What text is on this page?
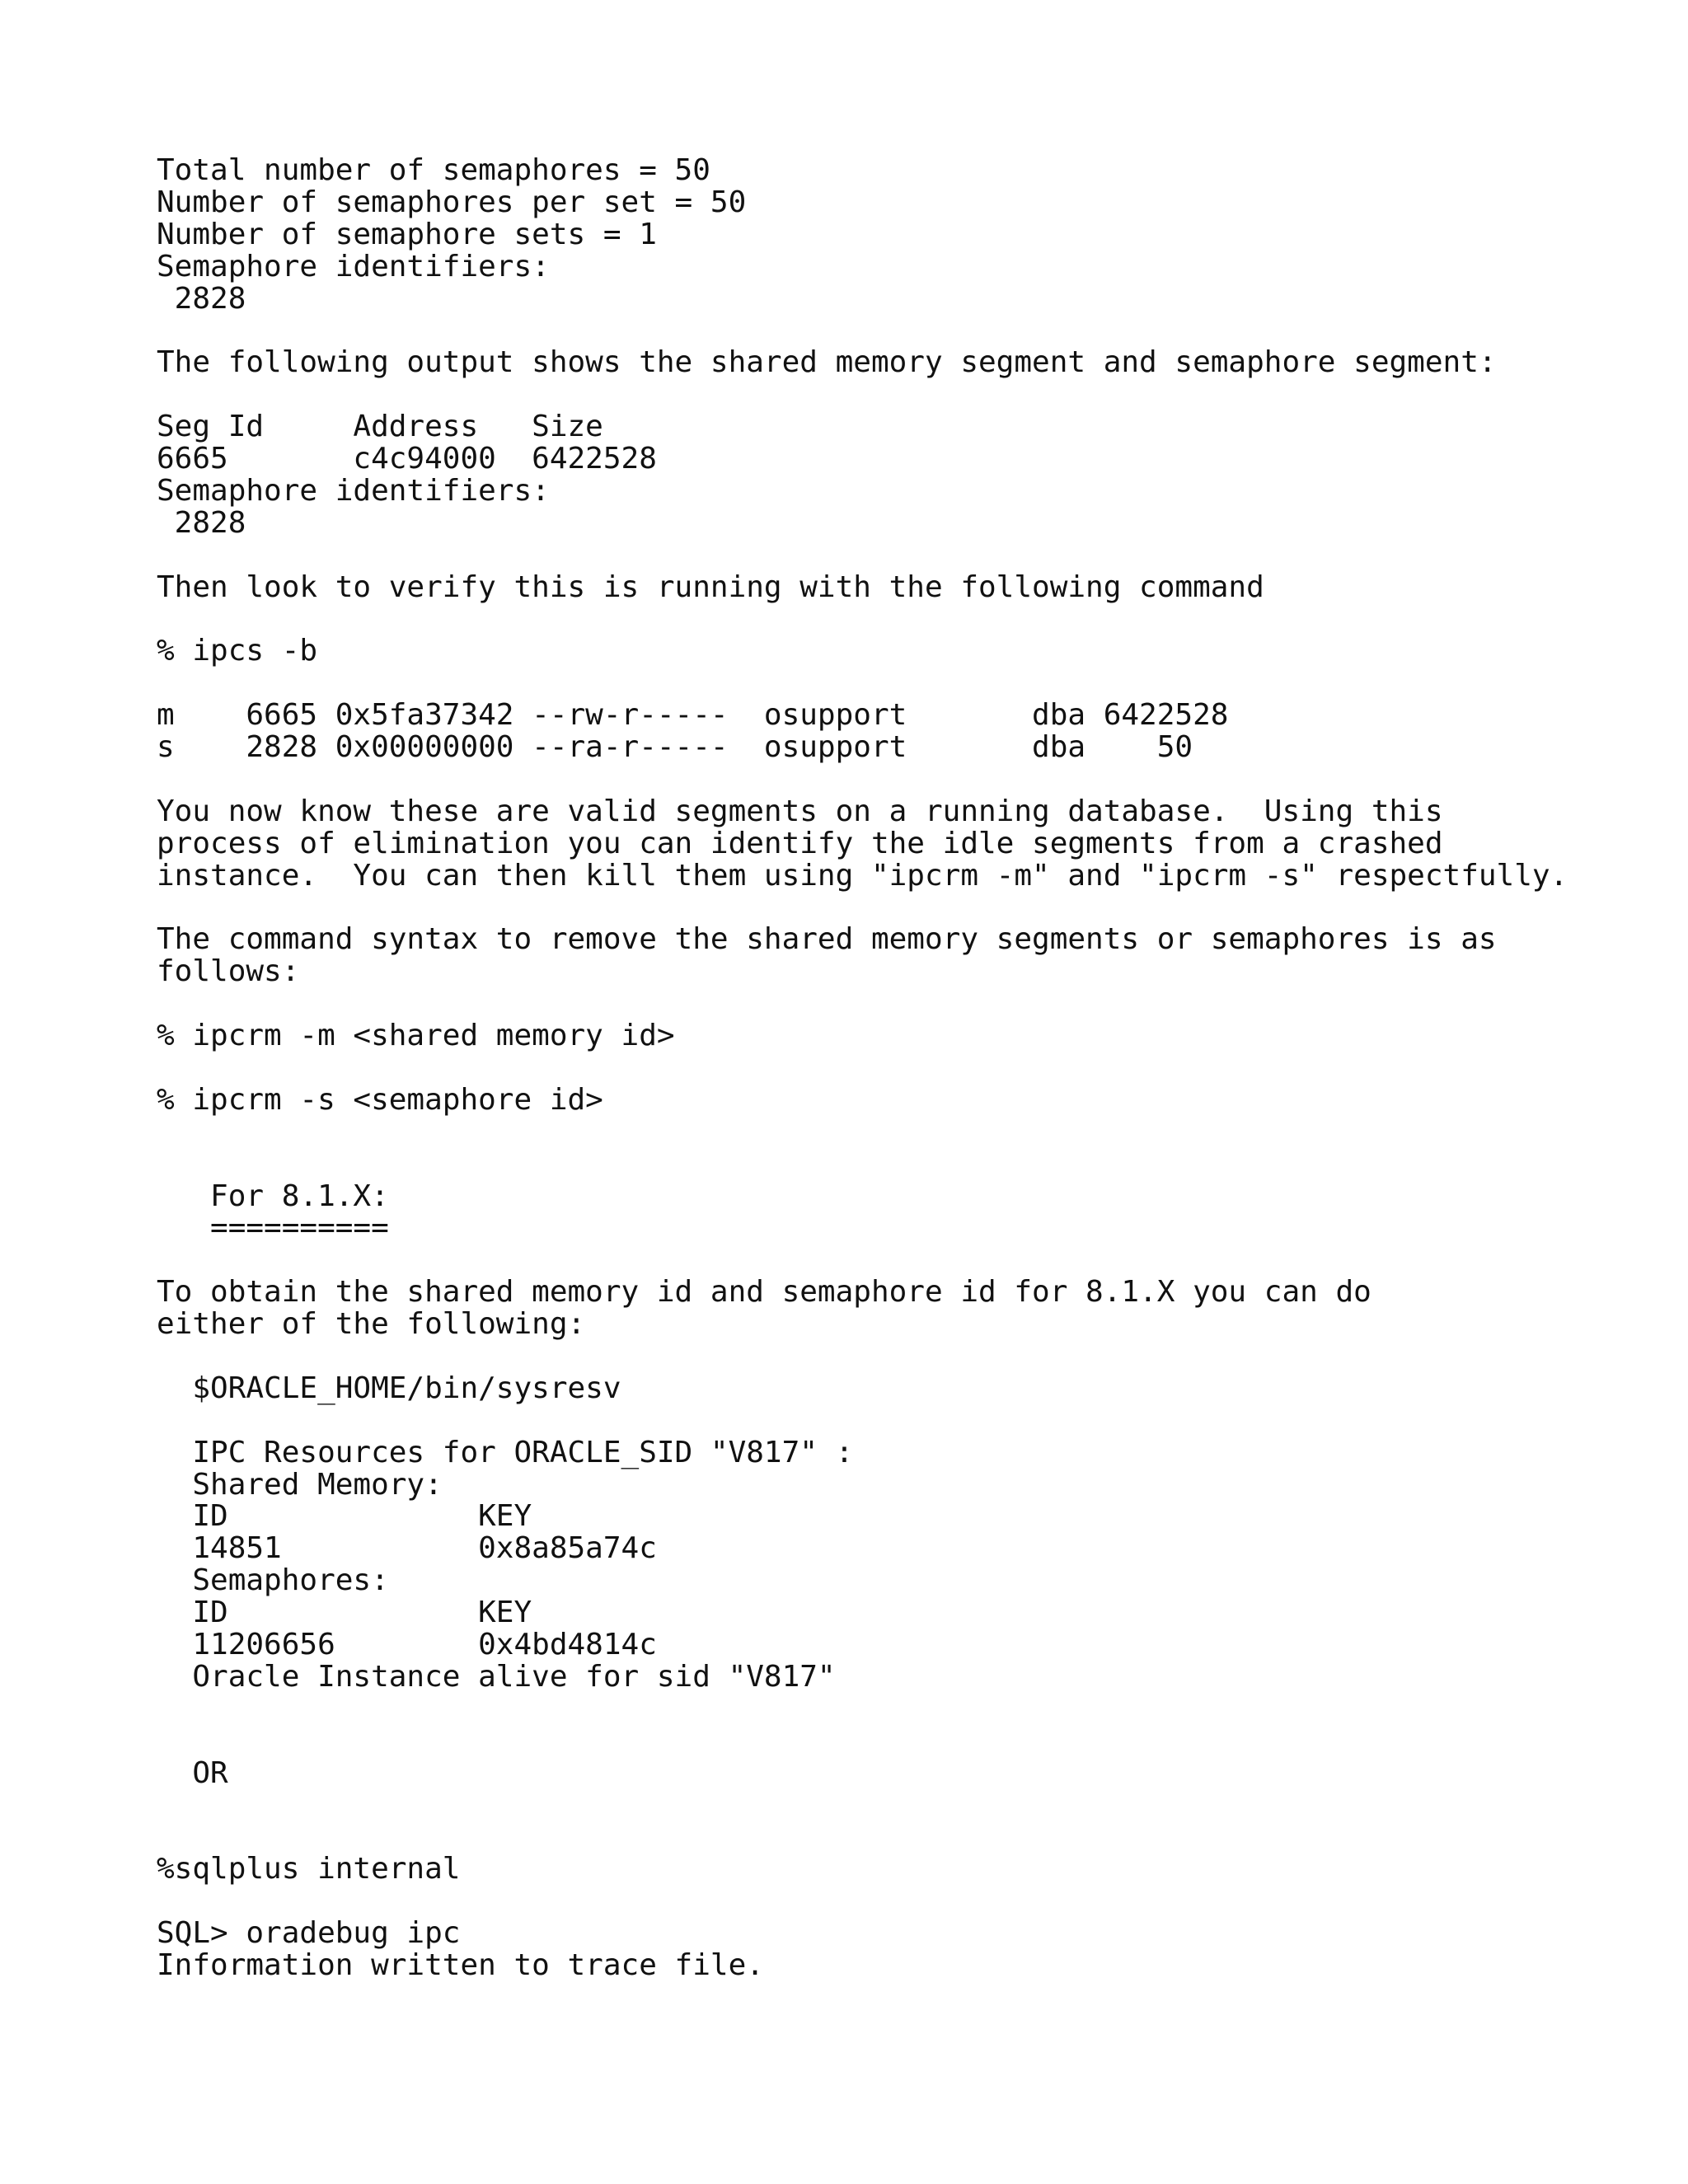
Total number of semaphores = 50
Number of semaphores per set = 50
Number of semaphore sets = 1
Semaphore identifiers:
2828
The following output shows the shared memory segment and semaphore segment:
Seg Id     Address   Size
6665       c4c94000  6422528
Semaphore identifiers:
2828
Then look to verify this is running with the following command
% ipcs -b
m    6665 0x5fa37342 --rw-r-----  osupport       dba 6422528
s    2828 0x00000000 --ra-r-----  osupport       dba    50
You now know these are valid segments on a running database.  Using this
process of elimination you can identify the idle segments from a crashed
instance.  You can then kill them using "ipcrm -m" and "ipcrm -s" respectfully.
The command syntax to remove the shared memory segments or semaphores is as
follows:
% ipcrm -m <shared memory id>
% ipcrm -s <semaphore id>
For 8.1.X:
==========
To obtain the shared memory id and semaphore id for 8.1.X you can do
either of the following:
$ORACLE_HOME/bin/sysresv
IPC Resources for ORACLE_SID "V817" :
Shared Memory:
ID              KEY
14851           0x8a85a74c
Semaphores:
ID              KEY
11206656        0x4bd4814c
Oracle Instance alive for sid "V817"
OR
%sqlplus internal
SQL> oradebug ipc
Information written to trace file.
